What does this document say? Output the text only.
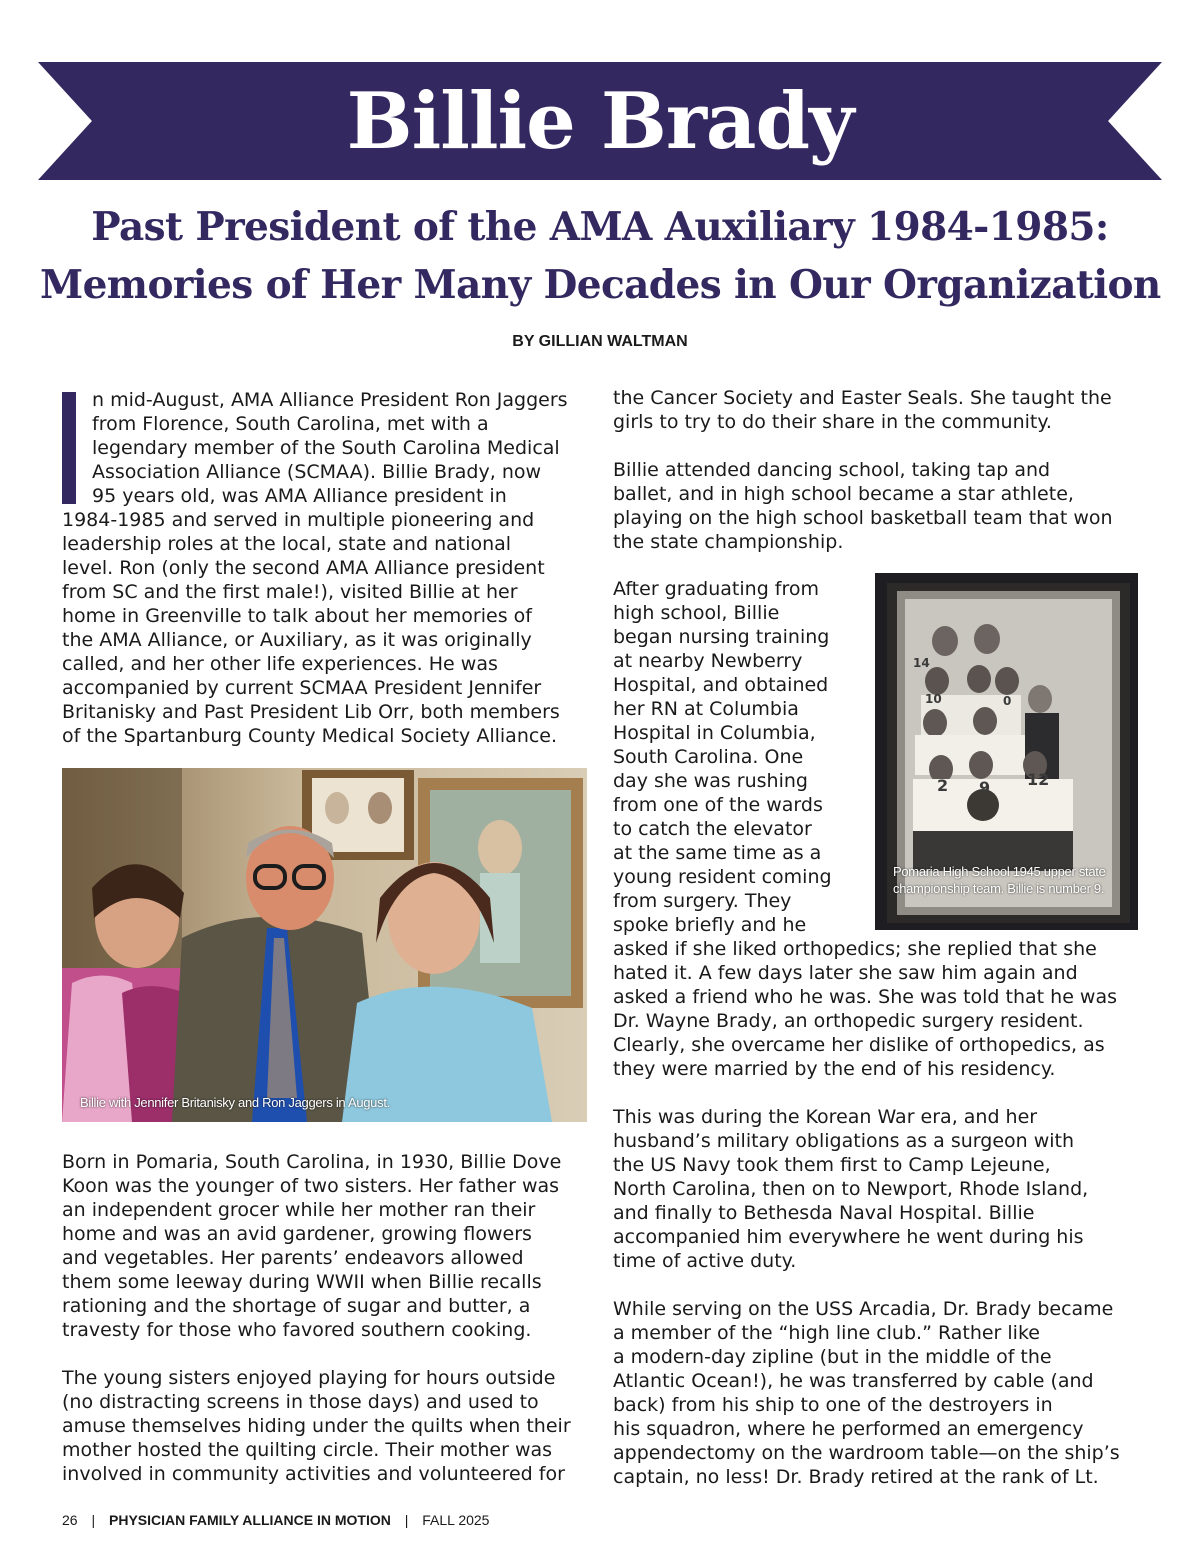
Billie Brady
Past President of the AMA Auxiliary 1984-1985:
Memories of Her Many Decades in Our Organization
BY GILLIAN WALTMAN

n mid-August, AMA Alliance President Ron Jaggers
from Florence, South Carolina, met with a
legendary member of the South Carolina Medical
Association Alliance (SCMAA). Billie Brady, now
95 years old, was AMA Alliance president in
1984-1985 and served in multiple pioneering and
leadership roles at the local, state and national
level. Ron (only the second AMA Alliance president
from SC and the first male!), visited Billie at her
home in Greenville to talk about her memories of
the AMA Alliance, or Auxiliary, as it was originally
called, and her other life experiences. He was
accompanied by current SCMAA President Jennifer
Britanisky and Past President Lib Orr, both members
of the Spartanburg County Medical Society Alliance.

Billie with Jennifer Britanisky and Ron Jaggers in August.

Born in Pomaria, South Carolina, in 1930, Billie Dove
Koon was the younger of two sisters. Her father was
an independent grocer while her mother ran their
home and was an avid gardener, growing flowers
and vegetables. Her parents’ endeavors allowed
them some leeway during WWII when Billie recalls
rationing and the shortage of sugar and butter, a
travesty for those who favored southern cooking.

The young sisters enjoyed playing for hours outside
(no distracting screens in those days) and used to
amuse themselves hiding under the quilts when their
mother hosted the quilting circle. Their mother was
involved in community activities and volunteered for

the Cancer Society and Easter Seals. She taught the
girls to try to do their share in the community.

Billie attended dancing school, taking tap and
ballet, and in high school became a star athlete,
playing on the high school basketball team that won
the state championship.

After graduating from
high school, Billie
began nursing training
at nearby Newberry
Hospital, and obtained
her RN at Columbia
Hospital in Columbia,
South Carolina. One
day she was rushing
from one of the wards
to catch the elevator
at the same time as a
young resident coming
from surgery. They
spoke briefly and he

14
10	0
2 9 12
Pomaria High School 1945 upper state championship team. Billie is number 9.

asked if she liked orthopedics; she replied that she
hated it. A few days later she saw him again and
asked a friend who he was. She was told that he was
Dr. Wayne Brady, an orthopedic surgery resident.
Clearly, she overcame her dislike of orthopedics, as
they were married by the end of his residency.

This was during the Korean War era, and her
husband’s military obligations as a surgeon with
the US Navy took them first to Camp Lejeune,
North Carolina, then on to Newport, Rhode Island,
and finally to Bethesda Naval Hospital. Billie
accompanied him everywhere he went during his
time of active duty.

While serving on the USS Arcadia, Dr. Brady became
a member of the “high line club.” Rather like
a modern-day zipline (but in the middle of the
Atlantic Ocean!), he was transferred by cable (and
back) from his ship to one of the destroyers in
his squadron, where he performed an emergency
appendectomy on the wardroom table—on the ship’s
captain, no less! Dr. Brady retired at the rank of Lt.

26 | PHYSICIAN FAMILY ALLIANCE IN MOTION | FALL 2025
